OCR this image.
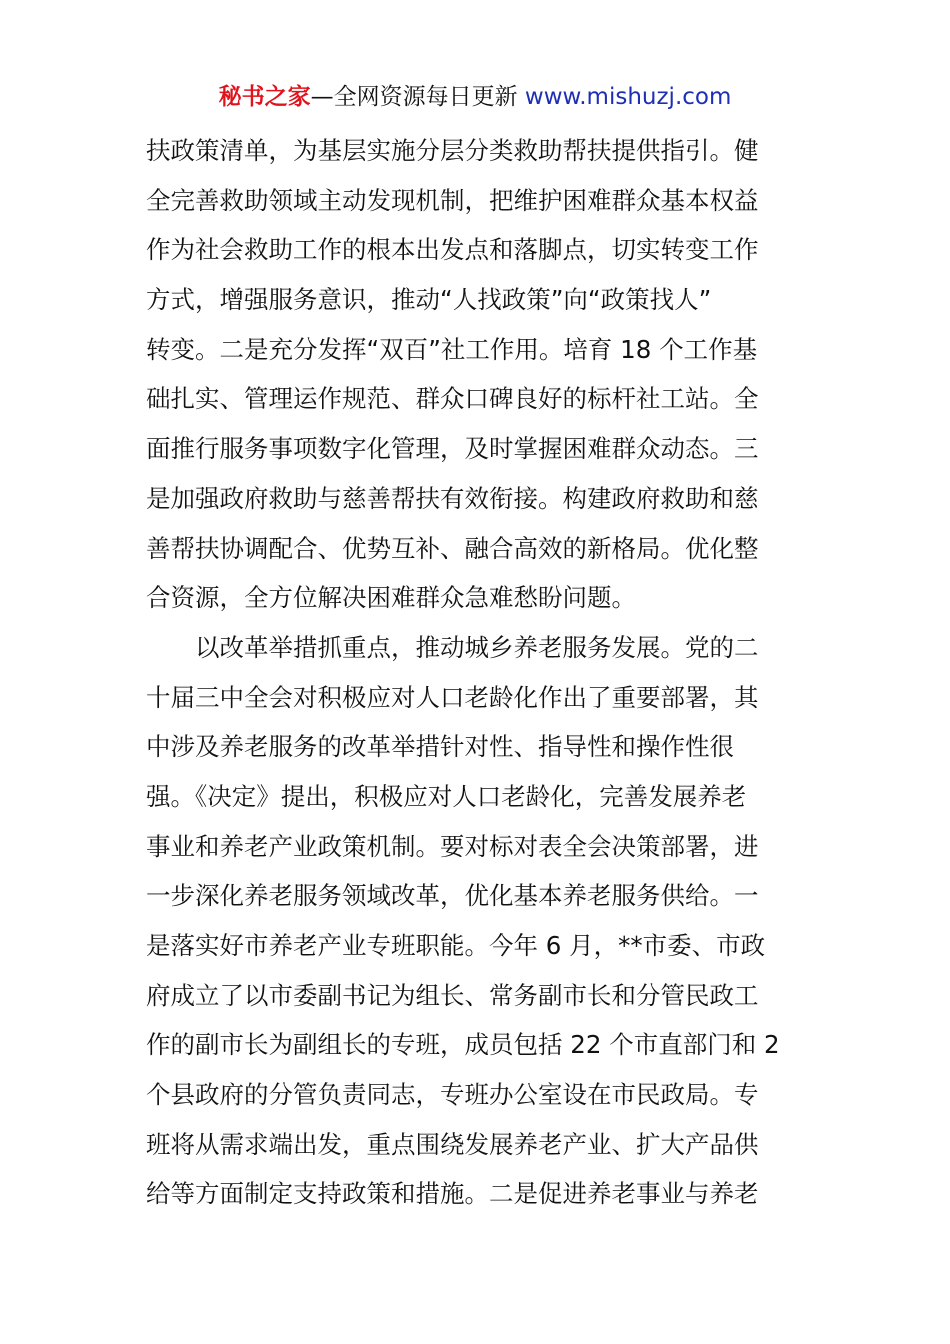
秘书之家—全网资源每日更新 www.mishuzj.com
扶政策清单，为基层实施分层分类救助帮扶提供指引。健
全完善救助领域主动发现机制，把维护困难群众基本权益
作为社会救助工作的根本出发点和落脚点，切实转变工作
方式，增强服务意识，推动“人找政策”向“政策找人”
转变。二是充分发挥“双百”社工作用。培育 18 个工作基
础扎实、管理运作规范、群众口碑良好的标杆社工站。全
面推行服务事项数字化管理，及时掌握困难群众动态。三
是加强政府救助与慈善帮扶有效衔接。构建政府救助和慈
善帮扶协调配合、优势互补、融合高效的新格局。优化整
合资源，全方位解决困难群众急难愁盼问题。
以改革举措抓重点，推动城乡养老服务发展。党的二
十届三中全会对积极应对人口老龄化作出了重要部署，其
中涉及养老服务的改革举措针对性、指导性和操作性很
强。《决定》提出，积极应对人口老龄化，完善发展养老
事业和养老产业政策机制。要对标对表全会决策部署，进
一步深化养老服务领域改革，优化基本养老服务供给。一
是落实好市养老产业专班职能。今年 6 月，**市委、市政
府成立了以市委副书记为组长、常务副市长和分管民政工
作的副市长为副组长的专班，成员包括 22 个市直部门和 2
个县政府的分管负责同志，专班办公室设在市民政局。专
班将从需求端出发，重点围绕发展养老产业、扩大产品供
给等方面制定支持政策和措施。二是促进养老事业与养老
